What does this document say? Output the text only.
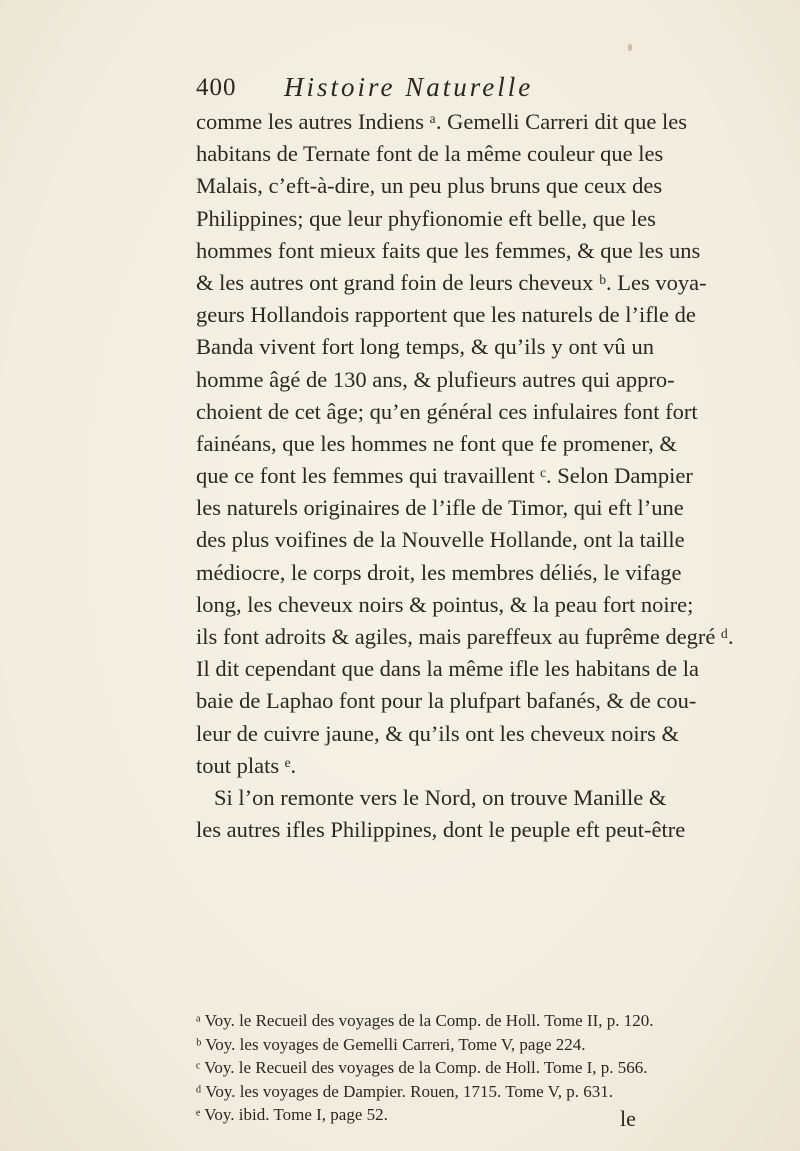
400 Histoire Naturelle
comme les autres Indiens ᵃ. Gemelli Carreri dit que les
habitans de Ternate font de la même couleur que les
Malais, c’eft-à-dire, un peu plus bruns que ceux des
Philippines; que leur phyfionomie eft belle, que les
hommes font mieux faits que les femmes, & que les uns
& les autres ont grand foin de leurs cheveux ᵇ. Les voya-
geurs Hollandois rapportent que les naturels de l’ifle de
Banda vivent fort long temps, & qu’ils y ont vû un
homme âgé de 130 ans, & plufieurs autres qui appro-
choient de cet âge; qu’en général ces infulaires font fort
fainéans, que les hommes ne font que fe promener, &
que ce font les femmes qui travaillent ᶜ. Selon Dampier
les naturels originaires de l’ifle de Timor, qui eft l’une
des plus voifines de la Nouvelle Hollande, ont la taille
médiocre, le corps droit, les membres déliés, le vifage
long, les cheveux noirs & pointus, & la peau fort noire;
ils font adroits & agiles, mais pareffeux au fuprême degré ᵈ.
Il dit cependant que dans la même ifle les habitans de la
baie de Laphao font pour la plufpart bafanés, & de cou-
leur de cuivre jaune, & qu’ils ont les cheveux noirs &
tout plats ᵉ.
Si l’on remonte vers le Nord, on trouve Manille &
les autres ifles Philippines, dont le peuple eft peut-être
ᵃ Voy. le Recueil des voyages de la Comp. de Holl. Tome II, p. 120.
ᵇ Voy. les voyages de Gemelli Carreri, Tome V, page 224.
ᶜ Voy. le Recueil des voyages de la Comp. de Holl. Tome I, p. 566.
ᵈ Voy. les voyages de Dampier. Rouen, 1715. Tome V, p. 631.
ᵉ Voy. ibid. Tome I, page 52.	le
